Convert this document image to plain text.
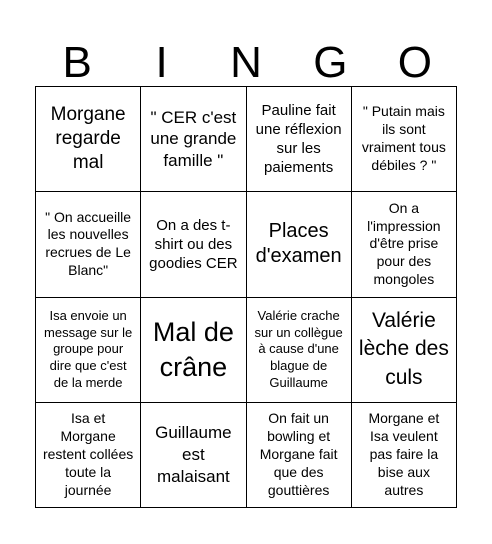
B	I	N	G	O
Morgane regarde mal
" CER c'est une grande famille "
Pauline fait une réflexion sur les paiements
" Putain mais ils sont vraiment tous débiles ? "
" On accueille les nouvelles recrues de Le Blanc"
On a des t-shirt ou des goodies CER
Places d'examen
On a l'impression d'être prise pour des mongoles
Isa envoie un message sur le groupe pour dire que c'est de la merde
Mal de crâne
Valérie crache sur un collègue à cause d'une blague de Guillaume
Valérie lèche des culs
Isa et Morgane restent collées toute la journée
Guillaume est malaisant
On fait un bowling et Morgane fait que des gouttières
Morgane et Isa veulent pas faire la bise aux autres
